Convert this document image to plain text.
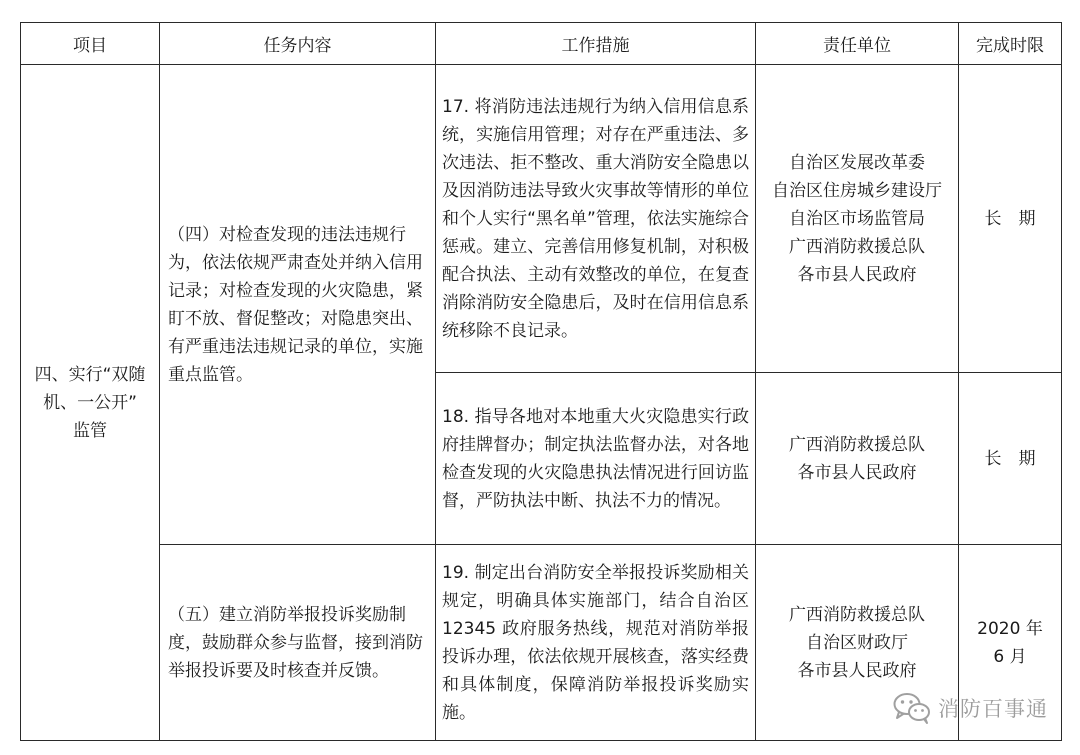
项目	任务内容	工作措施	责任单位	完成时限

四、实行“双随
机、一公开”
监管	（四）对检查发现的违法违规行为，依法依规严肃查处并纳入信用记录；对检查发现的火灾隐患，紧盯不放、督促整改；对隐患突出、有严重违法违规记录的单位，实施重点监管。	17. 将消防违法违规行为纳入信用信息系统，实施信用管理；对存在严重违法、多次违法、拒不整改、重大消防安全隐患以及因消防违法导致火灾事故等情形的单位和个人实行“黑名单”管理，依法实施综合惩戒。建立、完善信用修复机制，对积极配合执法、主动有效整改的单位，在复查消除消防安全隐患后，及时在信用信息系统移除不良记录。	自治区发展改革委
自治区住房城乡建设厅
自治区市场监管局
广西消防救援总队
各市县人民政府	长　期

		18. 指导各地对本地重大火灾隐患实行政府挂牌督办；制定执法监督办法，对各地检查发现的火灾隐患执法情况进行回访监督，严防执法中断、执法不力的情况。	广西消防救援总队
各市县人民政府	长　期

	（五）建立消防举报投诉奖励制度，鼓励群众参与监督，接到消防举报投诉要及时核查并反馈。	19. 制定出台消防安全举报投诉奖励相关规定，明确具体实施部门，结合自治区 12345 政府服务热线，规范对消防举报投诉办理，依法依规开展核查，落实经费和具体制度，保障消防举报投诉奖励实施。	广西消防救援总队
自治区财政厅
各市县人民政府	2020 年
6 月
消防百事通
